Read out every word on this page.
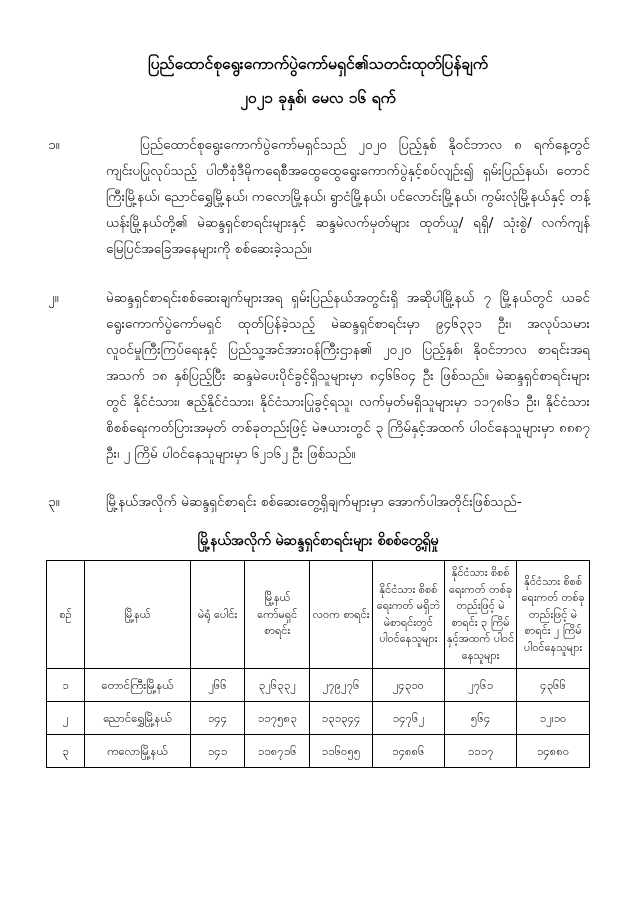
ပြည်ထောင်စုရွေးကောက်ပွဲကော်မရှင်၏သတင်းထုတ်ပြန်ချက်
၂၀၂၁ ခုနှစ်၊ မေလ ၁၆ ရက်
၁။	ပြည်ထောင်စုရွေးကောက်ပွဲကော်မရှင်သည် ၂၀၂၀ ပြည့်နှစ် နိုဝင်ဘာလ ၈ ရက်နေ့တွင် ကျင်းပပြုလုပ်သည့် ပါတီစုံဒီမိုကရေစီအထွေထွေရွေးကောက်ပွဲနှင့်စပ်လျဉ်း၍ ရှမ်းပြည်နယ်၊ တောင်ကြီးမြို့နယ်၊ ညောင်ရွှေမြို့နယ်၊ ကလောမြို့နယ်၊ ရွာငံမြို့နယ်၊ ပင်လောင်းမြို့နယ်၊ ကွမ်းလုံမြို့နယ်နှင့် တန့်ယန်းမြို့နယ်တို့၏ မဲဆန္ဒရှင်စာရင်းများနှင့် ဆန္ဒမဲလက်မှတ်များ ထုတ်ယူ/ ရရှိ/ သုံးစွဲ/ လက်ကျန် မြေပြင်အခြေအနေများကို စစ်ဆေးခဲ့သည်။
၂။	မဲဆန္ဒရှင်စာရင်းစစ်ဆေးချက်များအရ ရှမ်းပြည်နယ်အတွင်းရှိ အဆိုပါမြို့နယ် ၇ မြို့နယ်တွင် ယခင် ရွေးကောက်ပွဲကော်မရှင် ထုတ်ပြန်ခဲ့သည့် မဲဆန္ဒရှင်စာရင်းမှာ ၉၄၆၃၃၁ ဦး၊ အလုပ်သမား လူဝင်မှုကြီးကြပ်ရေးနှင့် ပြည်သူ့အင်အားဝန်ကြီးဌာန၏ ၂၀၂၀ ပြည့်နှစ်၊ နိုဝင်ဘာလ စာရင်းအရ အသက် ၁၈ နှစ်ပြည့်ပြီး ဆန္ဒမဲပေးပိုင်ခွင့်ရှိသူများမှာ ၈၄၆၆၀၄ ဦး ဖြစ်သည်။ မဲဆန္ဒရှင်စာရင်းများတွင် နိုင်ငံသား၊ ဧည့်နိုင်ငံသား၊ နိုင်ငံသားပြုခွင့်ရသူ၊ လက်မှတ်မရှိသူများမှာ ၁၁၇၈၆၁ ဦး၊ နိုင်ငံသား စိစစ်ရေးကတ်ပြားအမှတ် တစ်ခုတည်းဖြင့် မဲဇယားတွင် ၃ ကြိမ်နှင့်အထက် ပါဝင်နေသူများမှာ ၈၈၈၇ ဦး၊ ၂ ကြိမ် ပါဝင်နေသူများမှာ ၆၂၁၆၂ ဦး ဖြစ်သည်။
၃။	မြို့နယ်အလိုက် မဲဆန္ဒရှင်စာရင်း စစ်ဆေးတွေ့ရှိချက်များမှာ အောက်ပါအတိုင်းဖြစ်သည်-
မြို့နယ်အလိုက် မဲဆန္ဒရှင်စာရင်းများ စိစစ်တွေ့ရှိမှု
စဉ်	မြို့နယ်	မဲရုံ ပေါင်း	မြို့နယ် ကော်မရှင် စာရင်း	လဝက စာရင်း	နိုင်ငံသား စိစစ်ရေးကတ် မရှိဘဲ မဲစာရင်းတွင် ပါဝင်နေသူများ	နိုင်ငံသား စိစစ်ရေးကတ် တစ်ခုတည်းဖြင့် မဲစာရင်း ၃ ကြိမ် နှင့်အထက် ပါဝင်နေသူများ	နိုင်ငံသား စိစစ်ရေးကတ် တစ်ခုတည်းဖြင့် မဲစာရင်း ၂ ကြိမ် ပါဝင်နေသူများ
၁	တောင်ကြီးမြို့နယ်	၂၆၆	၃၂၆၃၃၂	၂၇၉၂၇၆	၂၄၃၁၀	၂၇၆၁	၄၃၆၆
၂	ညောင်ရွှေမြို့နယ်	၁၄၄	၁၁၇၅၈၃	၁၃၁၃၄၄	၁၄၇၆၂	၅၆၄	၁၂၊၁၀
၃	ကလောမြို့နယ်	၁၄၁	၁၁၈၇၁၆	၁၁၆၀၅၅	၁၄၈၈၆	၁၁၁၇	၁၄၈၈၀
